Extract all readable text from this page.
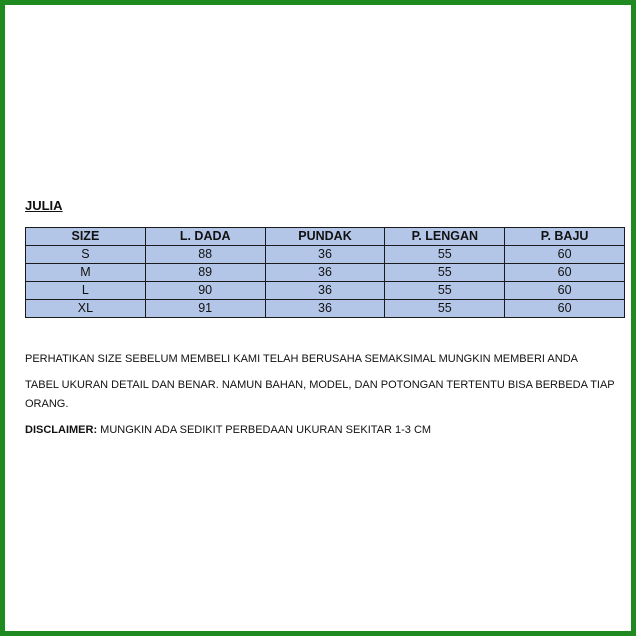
JULIA
SIZE	L. DADA	PUNDAK	P. LENGAN	P. BAJU
S	88	36	55	60
M	89	36	55	60
L	90	36	55	60
XL	91	36	55	60

PERHATIKAN SIZE SEBELUM MEMBELI KAMI TELAH BERUSAHA SEMAKSIMAL MUNGKIN MEMBERI ANDA

TABEL UKURAN DETAIL DAN BENAR. NAMUN BAHAN, MODEL, DAN POTONGAN TERTENTU BISA BERBEDA TIAP ORANG.

DISCLAIMER: MUNGKIN ADA SEDIKIT PERBEDAAN UKURAN SEKITAR 1-3 CM
